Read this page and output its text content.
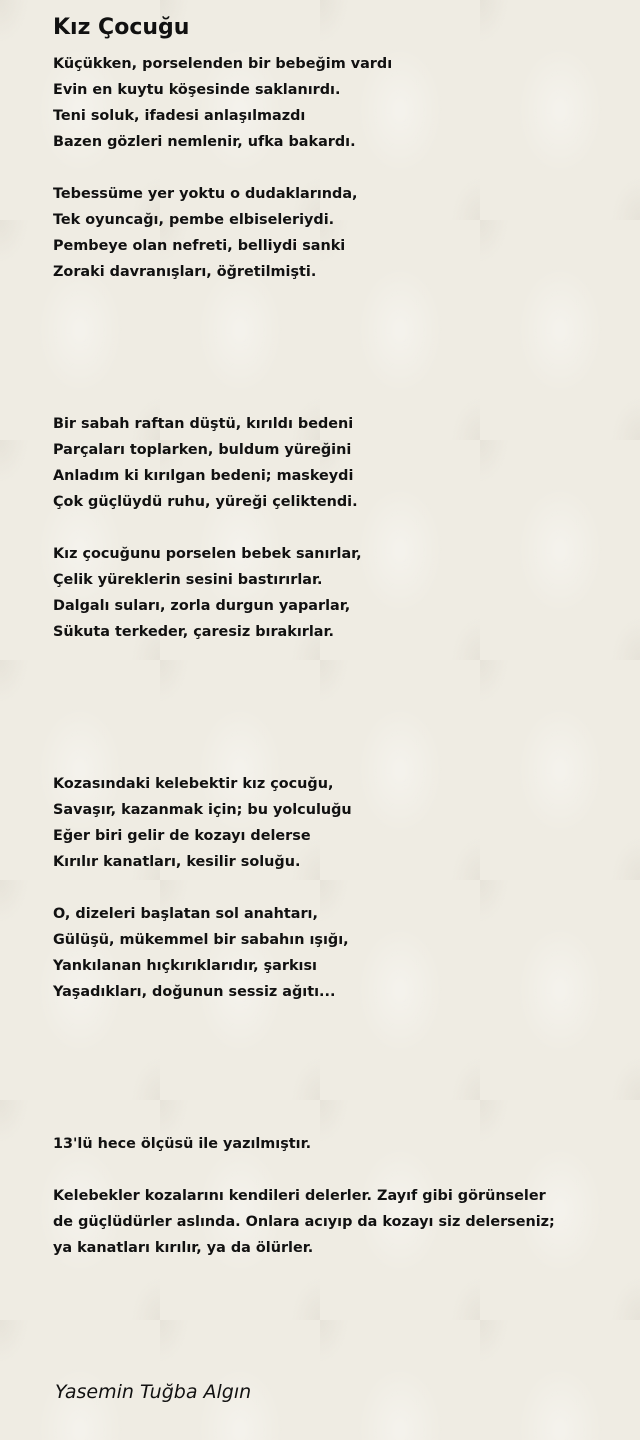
Kız Çocuğu
Küçükken, porselenden bir bebeğim vardı
Evin en kuytu köşesinde saklanırdı.
Teni soluk, ifadesi anlaşılmazdı
Bazen gözleri nemlenir, ufka bakardı.
Tebessüme yer yoktu o dudaklarında,
Tek oyuncağı, pembe elbiseleriydi.
Pembeye olan nefreti, belliydi sanki
Zoraki davranışları, öğretilmişti.
Bir sabah raftan düştü, kırıldı bedeni
Parçaları toplarken, buldum yüreğini
Anladım ki kırılgan bedeni; maskeydi
Çok güçlüydü ruhu, yüreği çeliktendi.
Kız çocuğunu porselen bebek sanırlar,
Çelik yüreklerin sesini bastırırlar.
Dalgalı suları, zorla durgun yaparlar,
Sükuta terkeder, çaresiz bırakırlar.
Kozasındaki kelebektir kız çocuğu,
Savaşır, kazanmak için; bu yolculuğu
Eğer biri gelir de kozayı delerse
Kırılır kanatları, kesilir soluğu.
O, dizeleri başlatan sol anahtarı,
Gülüşü, mükemmel bir sabahın ışığı,
Yankılanan hıçkırıklarıdır, şarkısı
Yaşadıkları, doğunun sessiz ağıtı...
13'lü hece ölçüsü ile yazılmıştır.
Kelebekler kozalarını kendileri delerler. Zayıf gibi görünseler
de güçlüdürler aslında. Onlara acıyıp da kozayı siz delerseniz;
ya kanatları kırılır, ya da ölürler.
Yasemin Tuğba Algın
